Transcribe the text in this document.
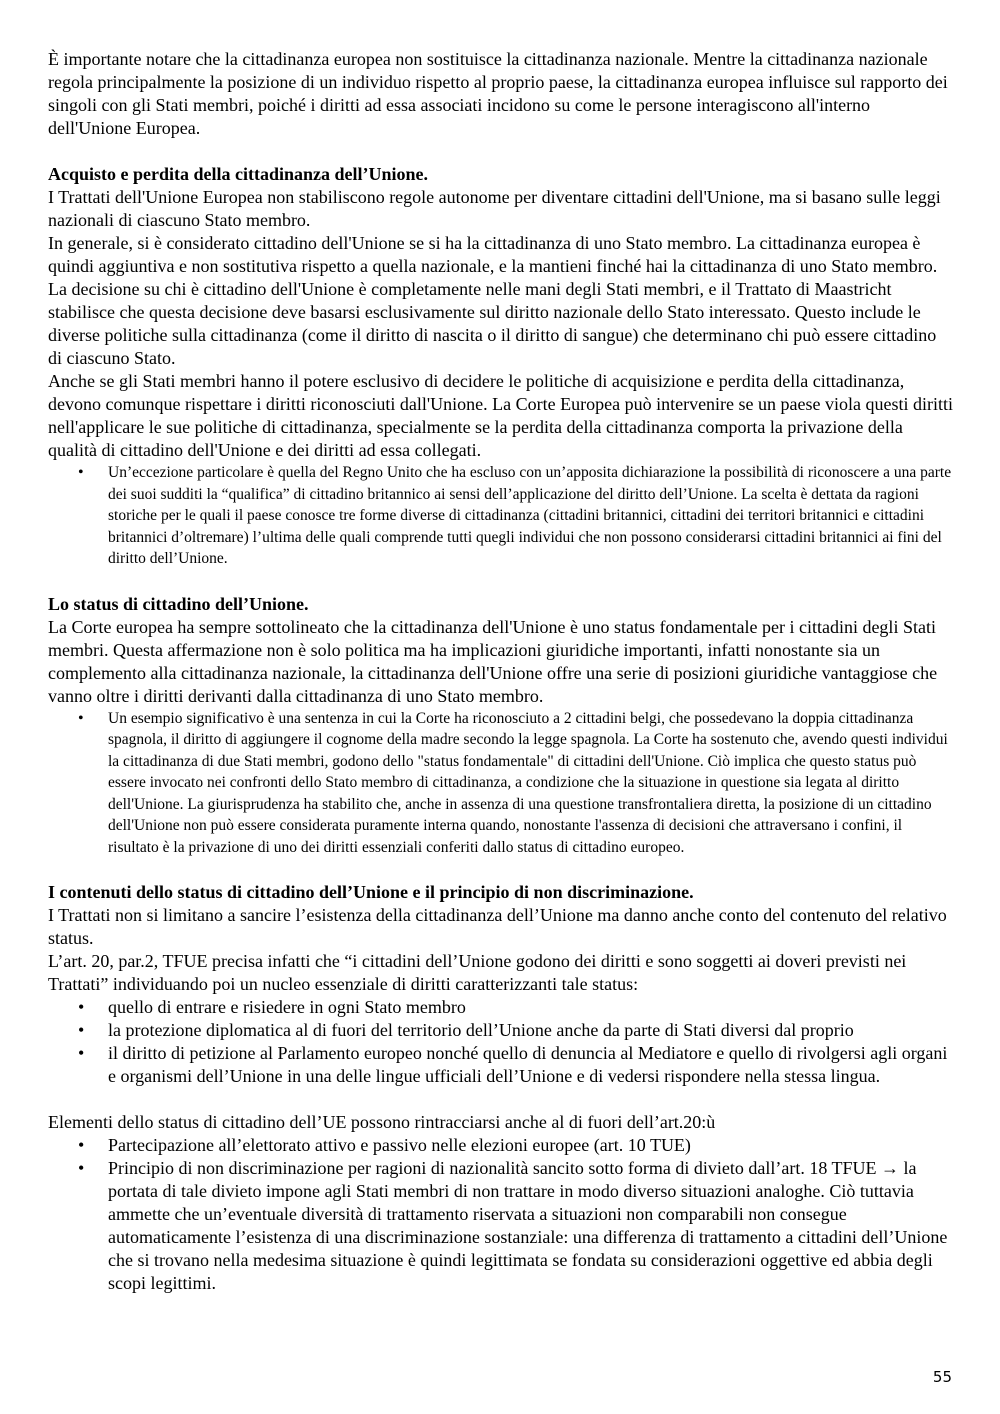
È importante notare che la cittadinanza europea non sostituisce la cittadinanza nazionale. Mentre la cittadinanza nazionale regola principalmente la posizione di un individuo rispetto al proprio paese, la cittadinanza europea influisce sul rapporto dei singoli con gli Stati membri, poiché i diritti ad essa associati incidono su come le persone interagiscono all'interno dell'Unione Europea.

Acquisto e perdita della cittadinanza dell’Unione.

I Trattati dell'Unione Europea non stabiliscono regole autonome per diventare cittadini dell'Unione, ma si basano sulle leggi nazionali di ciascuno Stato membro.

In generale, si è considerato cittadino dell'Unione se si ha la cittadinanza di uno Stato membro. La cittadinanza europea è quindi aggiuntiva e non sostitutiva rispetto a quella nazionale, e la mantieni finché hai la cittadinanza di uno Stato membro. La decisione su chi è cittadino dell'Unione è completamente nelle mani degli Stati membri, e il Trattato di Maastricht stabilisce che questa decisione deve basarsi esclusivamente sul diritto nazionale dello Stato interessato. Questo include le diverse politiche sulla cittadinanza (come il diritto di nascita o il diritto di sangue) che determinano chi può essere cittadino di ciascuno Stato.

Anche se gli Stati membri hanno il potere esclusivo di decidere le politiche di acquisizione e perdita della cittadinanza, devono comunque rispettare i diritti riconosciuti dall'Unione. La Corte Europea può intervenire se un paese viola questi diritti nell'applicare le sue politiche di cittadinanza, specialmente se la perdita della cittadinanza comporta la privazione della qualità di cittadino dell'Unione e dei diritti ad essa collegati.

• Un’eccezione particolare è quella del Regno Unito che ha escluso con un’apposita dichiarazione la possibilità di riconoscere a una parte dei suoi sudditi la “qualifica” di cittadino britannico ai sensi dell’applicazione del diritto dell’Unione. La scelta è dettata da ragioni storiche per le quali il paese conosce tre forme diverse di cittadinanza (cittadini britannici, cittadini dei territori britannici e cittadini britannici d’oltremare) l’ultima delle quali comprende tutti quegli individui che non possono considerarsi cittadini britannici ai fini del diritto dell’Unione.
Lo status di cittadino dell’Unione.

La Corte europea ha sempre sottolineato che la cittadinanza dell'Unione è uno status fondamentale per i cittadini degli Stati membri. Questa affermazione non è solo politica ma ha implicazioni giuridiche importanti, infatti nonostante sia un complemento alla cittadinanza nazionale, la cittadinanza dell'Unione offre una serie di posizioni giuridiche vantaggiose che vanno oltre i diritti derivanti dalla cittadinanza di uno Stato membro.

• Un esempio significativo è una sentenza in cui la Corte ha riconosciuto a 2 cittadini belgi, che possedevano la doppia cittadinanza spagnola, il diritto di aggiungere il cognome della madre secondo la legge spagnola. La Corte ha sostenuto che, avendo questi individui la cittadinanza di due Stati membri, godono dello "status fondamentale" di cittadini dell'Unione. Ciò implica che questo status può essere invocato nei confronti dello Stato membro di cittadinanza, a condizione che la situazione in questione sia legata al diritto dell'Unione. La giurisprudenza ha stabilito che, anche in assenza di una questione transfrontaliera diretta, la posizione di un cittadino dell'Unione non può essere considerata puramente interna quando, nonostante l'assenza di decisioni che attraversano i confini, il risultato è la privazione di uno dei diritti essenziali conferiti dallo status di cittadino europeo.
I contenuti dello status di cittadino dell’Unione e il principio di non discriminazione.

I Trattati non si limitano a sancire l’esistenza della cittadinanza dell’Unione ma danno anche conto del contenuto del relativo status.

L’art. 20, par.2, TFUE precisa infatti che “i cittadini dell’Unione godono dei diritti e sono soggetti ai doveri previsti nei Trattati” individuando poi un nucleo essenziale di diritti caratterizzanti tale status:

• quello di entrare e risiedere in ogni Stato membro
• la protezione diplomatica al di fuori del territorio dell’Unione anche da parte di Stati diversi dal proprio
• il diritto di petizione al Parlamento europeo nonché quello di denuncia al Mediatore e quello di rivolgersi agli organi e organismi dell’Unione in una delle lingue ufficiali dell’Unione e di vedersi rispondere nella stessa lingua.

Elementi dello status di cittadino dell’UE possono rintracciarsi anche al di fuori dell’art.20:ù

• Partecipazione all’elettorato attivo e passivo nelle elezioni europee (art. 10 TUE)
• Principio di non discriminazione per ragioni di nazionalità sancito sotto forma di divieto dall’art. 18 TFUE → la portata di tale divieto impone agli Stati membri di non trattare in modo diverso situazioni analoghe. Ciò tuttavia ammette che un’eventuale diversità di trattamento riservata a situazioni non comparabili non consegue automaticamente l’esistenza di una discriminazione sostanziale: una differenza di trattamento a cittadini dell’Unione che si trovano nella medesima situazione è quindi legittimata se fondata su considerazioni oggettive ed abbia degli scopi legittimi.
55
